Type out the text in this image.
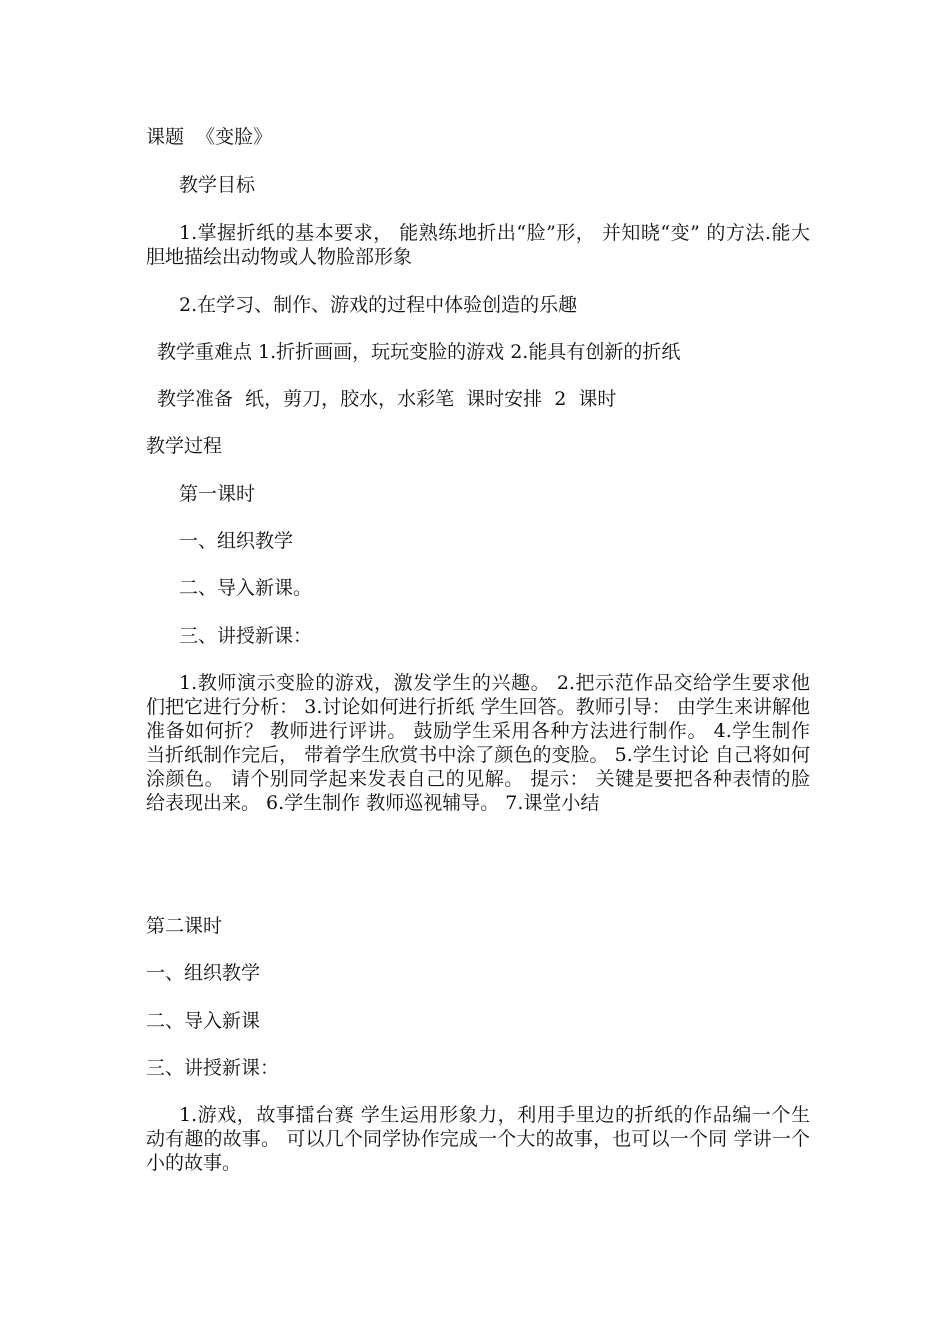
课题  《变脸》
教学目标
1.掌握折纸的基本要求， 能熟练地折出“脸”形， 并知晓“变” 的方法.能大胆地描绘出动物或人物脸部形象
2.在学习、制作、游戏的过程中体验创造的乐趣
教学重难点 1.折折画画，玩玩变脸的游戏 2.能具有创新的折纸
教学准备  纸，剪刀，胶水，水彩笔  课时安排  2  课时
教学过程
第一课时
一、组织教学
二、导入新课。
三、讲授新课：
1.教师演示变脸的游戏，激发学生的兴趣。 2.把示范作品交给学生要求他们把它进行分析： 3.讨论如何进行折纸 学生回答。教师引导： 由学生来讲解他准备如何折？ 教师进行评讲。 鼓励学生采用各种方法进行制作。 4.学生制作 当折纸制作完后， 带着学生欣赏书中涂了颜色的变脸。 5.学生讨论 自己将如何涂颜色。 请个别同学起来发表自己的见解。 提示： 关键是要把各种表情的脸给表现出来。 6.学生制作 教师巡视辅导。 7.课堂小结
第二课时
一、组织教学
二、导入新课
三、讲授新课：
1.游戏，故事擂台赛 学生运用形象力，利用手里边的折纸的作品编一个生 动有趣的故事。 可以几个同学协作完成一个大的故事，也可以一个同 学讲一个小的故事。
